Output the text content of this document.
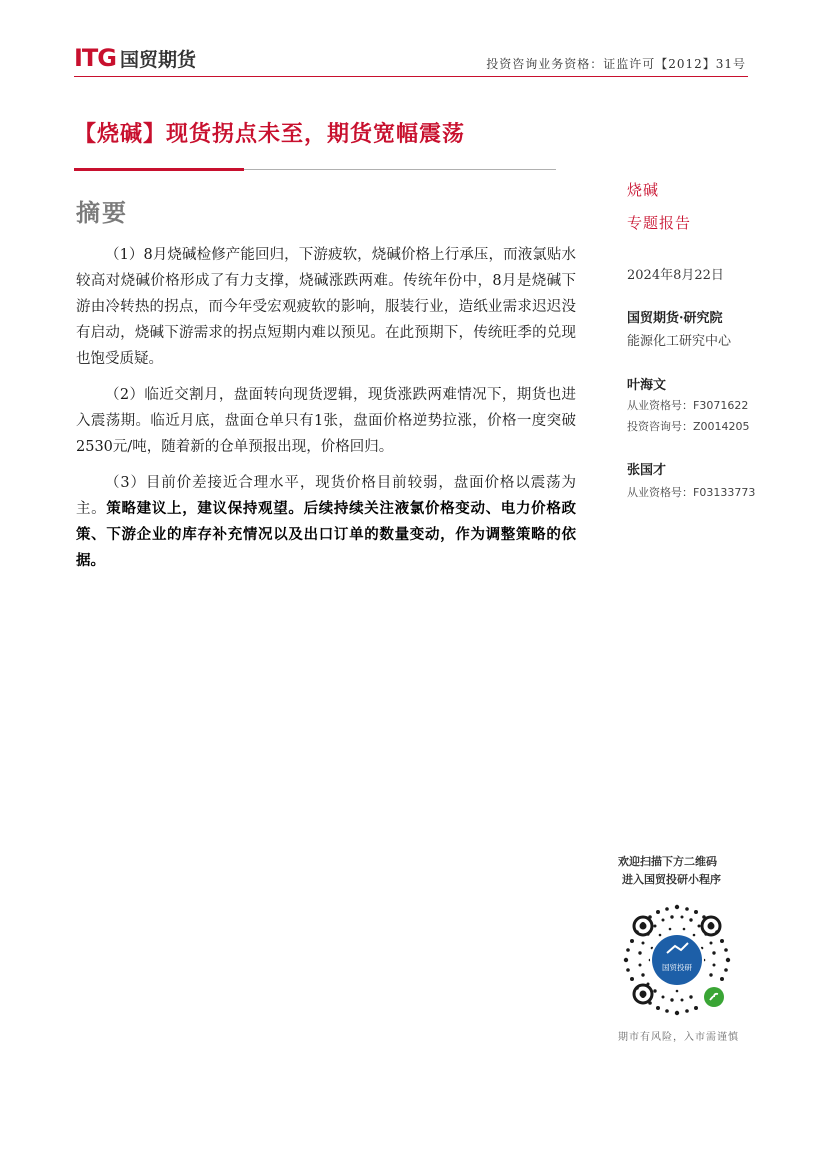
ITG 国贸期货	投资咨询业务资格：证监许可【2012】31号
【烧碱】现货拐点未至，期货宽幅震荡
摘要

（1）8月烧碱检修产能回归，下游疲软，烧碱价格上行承压，而液氯贴水较高对烧碱价格形成了有力支撑，烧碱涨跌两难。传统年份中，8月是烧碱下游由冷转热的拐点，而今年受宏观疲软的影响，服装行业，造纸业需求迟迟没有启动，烧碱下游需求的拐点短期内难以预见。在此预期下，传统旺季的兑现也饱受质疑。

（2）临近交割月，盘面转向现货逻辑，现货涨跌两难情况下，期货也进入震荡期。临近月底，盘面仓单只有1张，盘面价格逆势拉涨，价格一度突破2530元/吨，随着新的仓单预报出现，价格回归。

（3）目前价差接近合理水平，现货价格目前较弱，盘面价格以震荡为主。策略建议上，建议保持观望。后续持续关注液氯价格变动、电力价格政策、下游企业的库存补充情况以及出口订单的数量变动，作为调整策略的依据。

烧碱
专题报告
2024年8月22日
国贸期货·研究院
能源化工研究中心
叶海文
从业资格号：F3071622
投资咨询号：Z0014205
张国才
从业资格号：F03133773
欢迎扫描下方二维码
进入国贸投研小程序
国贸投研
期市有风险，入市需谨慎
